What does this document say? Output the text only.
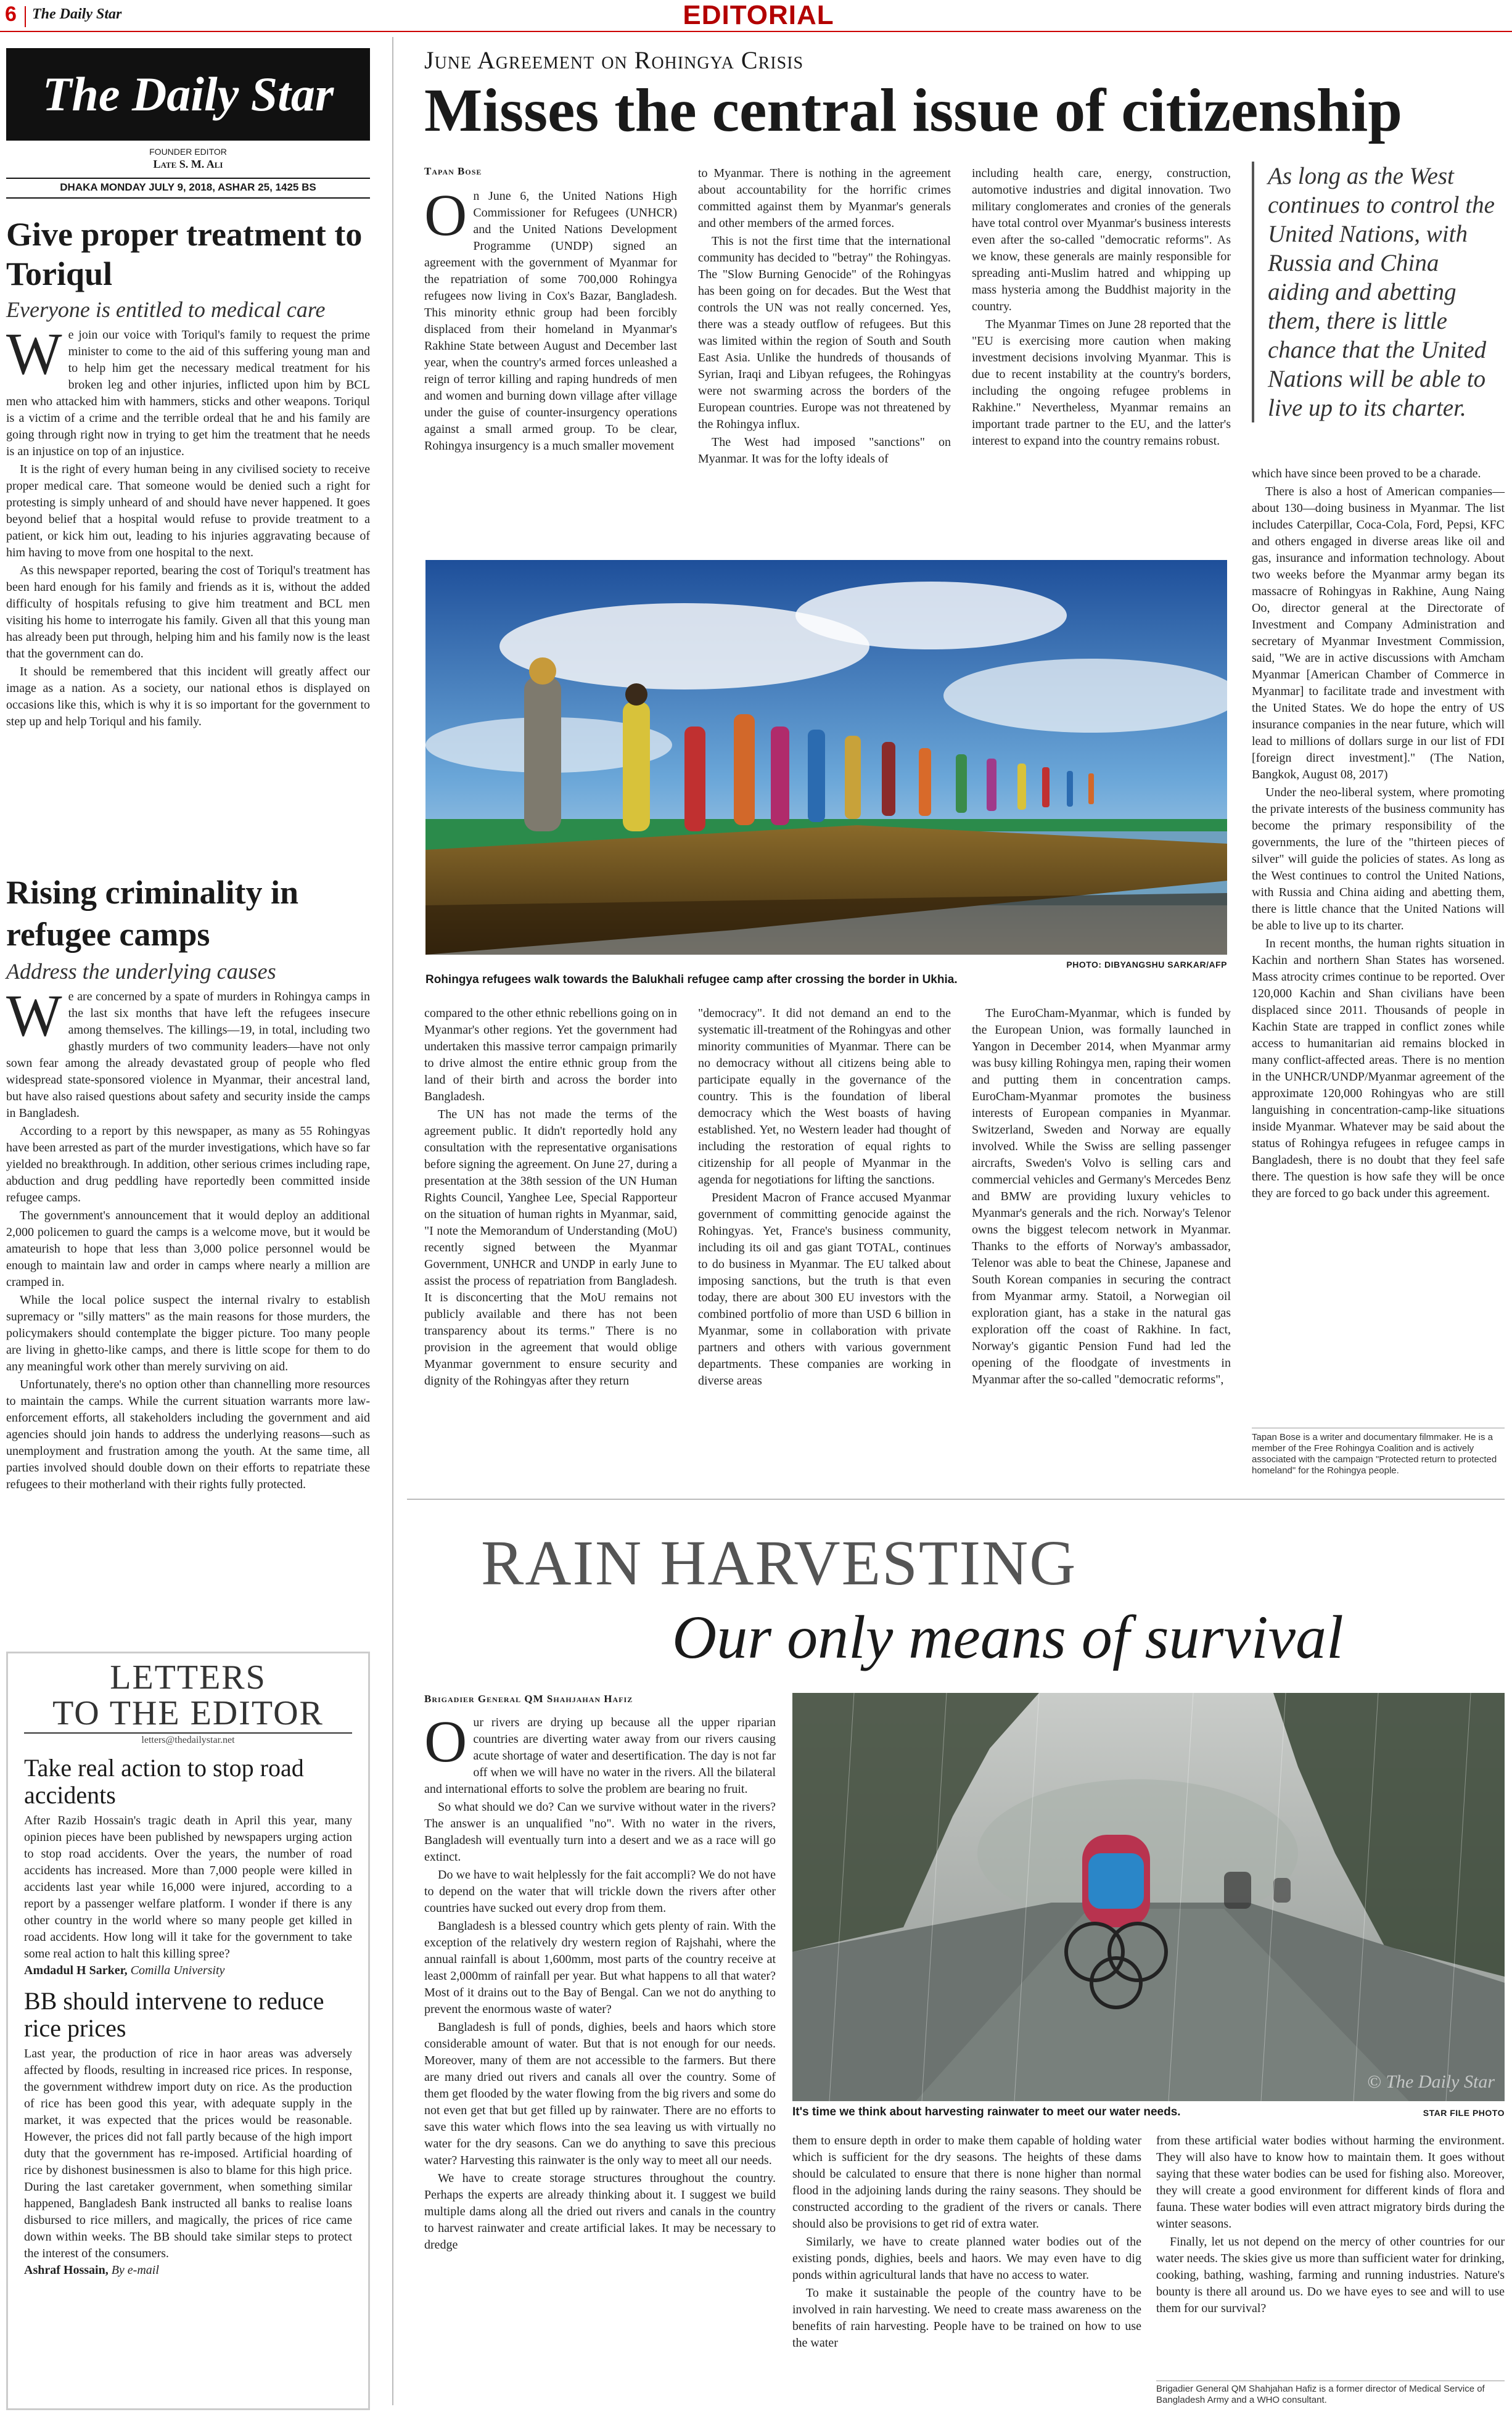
6 The Daily Star	EDITORIAL
The Daily Star
FOUNDER EDITOR
Late S. M. Ali
DHAKA MONDAY JULY 9, 2018, ASHAR 25, 1425 BS
Give proper treatment to Toriqul
Everyone is entitled to medical care

We join our voice with Toriqul's family to request the prime minister to come to the aid of this suffering young man and to help him get the necessary medical treatment for his broken leg and other injuries, inflicted upon him by BCL men who attacked him with hammers, sticks and other weapons. Toriqul is a victim of a crime and the terrible ordeal that he and his family are going through right now in trying to get him the treatment that he needs is an injustice on top of an injustice.

It is the right of every human being in any civilised society to receive proper medical care. That someone would be denied such a right for protesting is simply unheard of and should have never happened. It goes beyond belief that a hospital would refuse to provide treatment to a patient, or kick him out, leading to his injuries aggravating because of him having to move from one hospital to the next.

As this newspaper reported, bearing the cost of Toriqul's treatment has been hard enough for his family and friends as it is, without the added difficulty of hospitals refusing to give him treatment and BCL men visiting his home to interrogate his family. Given all that this young man has already been put through, helping him and his family now is the least that the government can do.

It should be remembered that this incident will greatly affect our image as a nation. As a society, our national ethos is displayed on occasions like this, which is why it is so important for the government to step up and help Toriqul and his family.

Rising criminality in refugee camps
Address the underlying causes

We are concerned by a spate of murders in Rohingya camps in the last six months that have left the refugees insecure among themselves. The killings—19, in total, including two ghastly murders of two community leaders—have not only sown fear among the already devastated group of people who fled widespread state-sponsored violence in Myanmar, their ancestral land, but have also raised questions about safety and security inside the camps in Bangladesh.

According to a report by this newspaper, as many as 55 Rohingyas have been arrested as part of the murder investigations, which have so far yielded no breakthrough. In addition, other serious crimes including rape, abduction and drug peddling have reportedly been committed inside refugee camps.

The government's announcement that it would deploy an additional 2,000 policemen to guard the camps is a welcome move, but it would be amateurish to hope that less than 3,000 police personnel would be enough to maintain law and order in camps where nearly a million are cramped in.

While the local police suspect the internal rivalry to establish supremacy or "silly matters" as the main reasons for those murders, the policymakers should contemplate the bigger picture. Too many people are living in ghetto-like camps, and there is little scope for them to do any meaningful work other than merely surviving on aid.

Unfortunately, there's no option other than channelling more resources to maintain the camps. While the current situation warrants more law-enforcement efforts, all stakeholders including the government and aid agencies should join hands to address the underlying reasons—such as unemployment and frustration among the youth. At the same time, all parties involved should double down on their efforts to repatriate these refugees to their motherland with their rights fully protected.

LETTERS
TO THE EDITOR
letters@thedailystar.net
Take real action to stop road accidents
After Razib Hossain's tragic death in April this year, many opinion pieces have been published by newspapers urging action to stop road accidents. Over the years, the number of road accidents has increased. More than 7,000 people were killed in accidents last year while 16,000 were injured, according to a report by a passenger welfare platform. I wonder if there is any other country in the world where so many people get killed in road accidents. How long will it take for the government to take some real action to halt this killing spree?
Amdadul H Sarker, Comilla University
BB should intervene to reduce rice prices
Last year, the production of rice in haor areas was adversely affected by floods, resulting in increased rice prices. In response, the government withdrew import duty on rice. As the production of rice has been good this year, with adequate supply in the market, it was expected that the prices would be reasonable. However, the prices did not fall partly because of the high import duty that the government has re-imposed. Artificial hoarding of rice by dishonest businessmen is also to blame for this high price. During the last caretaker government, when something similar happened, Bangladesh Bank instructed all banks to realise loans disbursed to rice millers, and magically, the prices of rice came down within weeks. The BB should take similar steps to protect the interest of the consumers.
Ashraf Hossain, By e-mail
June Agreement on Rohingya Crisis
Misses the central issue of citizenship
Tapan Bose

On June 6, the United Nations High Commissioner for Refugees (UNHCR) and the United Nations Development Programme (UNDP) signed an agreement with the government of Myanmar for the repatriation of some 700,000 Rohingya refugees now living in Cox's Bazar, Bangladesh. This minority ethnic group had been forcibly displaced from their homeland in Myanmar's Rakhine State between August and December last year, when the country's armed forces unleashed a reign of terror killing and raping hundreds of men and women and burning down village after village under the guise of counter-insurgency operations against a small armed group. To be clear, Rohingya insurgency is a much smaller movement

to Myanmar. There is nothing in the agreement about accountability for the horrific crimes committed against them by Myanmar's generals and other members of the armed forces.

This is not the first time that the international community has decided to "betray" the Rohingyas. The "Slow Burning Genocide" of the Rohingyas has been going on for decades. But the West that controls the UN was not really concerned. Yes, there was a steady outflow of refugees. But this was limited within the region of South and South East Asia. Unlike the hundreds of thousands of Syrian, Iraqi and Libyan refugees, the Rohingyas were not swarming across the borders of the European countries. Europe was not threatened by the Rohingya influx.

The West had imposed "sanctions" on Myanmar. It was for the lofty ideals of

including health care, energy, construction, automotive industries and digital innovation. Two military conglomerates and cronies of the generals have total control over Myanmar's business interests even after the so-called "democratic reforms". As we know, these generals are mainly responsible for spreading anti-Muslim hatred and whipping up mass hysteria among the Buddhist majority in the country.

The Myanmar Times on June 28 reported that the "EU is exercising more caution when making investment decisions involving Myanmar. This is due to recent instability at the country's borders, including the ongoing refugee problems in Rakhine." Nevertheless, Myanmar remains an important trade partner to the EU, and the latter's interest to expand into the country remains robust.

As long as the West continues to control the United Nations, with Russia and China aiding and abetting them, there is little chance that the United Nations will be able to live up to its charter.

which have since been proved to be a charade.

There is also a host of American companies—about 130—doing business in Myanmar. The list includes Caterpillar, Coca-Cola, Ford, Pepsi, KFC and others engaged in diverse areas like oil and gas, insurance and information technology. About two weeks before the Myanmar army began its massacre of Rohingyas in Rakhine, Aung Naing Oo, director general at the Directorate of Investment and Company Administration and secretary of Myanmar Investment Commission, said, "We are in active discussions with Amcham Myanmar [American Chamber of Commerce in Myanmar] to facilitate trade and investment with the United States. We do hope the entry of US insurance companies in the near future, which will lead to millions of dollars surge in our list of FDI [foreign direct investment]." (The Nation, Bangkok, August 08, 2017)

Under the neo-liberal system, where promoting the private interests of the business community has become the primary responsibility of the governments, the lure of the "thirteen pieces of silver" will guide the policies of states. As long as the West continues to control the United Nations, with Russia and China aiding and abetting them, there is little chance that the United Nations will be able to live up to its charter.

In recent months, the human rights situation in Kachin and northern Shan States has worsened. Mass atrocity crimes continue to be reported. Over 120,000 Kachin and Shan civilians have been displaced since 2011. Thousands of people in Kachin State are trapped in conflict zones while access to humanitarian aid remains blocked in many conflict-affected areas. There is no mention in the UNHCR/UNDP/Myanmar agreement of the approximate 120,000 Rohingyas who are still languishing in concentration-camp-like situations inside Myanmar. Whatever may be said about the status of Rohingya refugees in refugee camps in Bangladesh, there is no doubt that they feel safe there. The question is how safe they will be once they are forced to go back under this agreement.

Tapan Bose is a writer and documentary filmmaker. He is a member of the Free Rohingya Coalition and is actively associated with the campaign "Protected return to protected homeland" for the Rohingya people.
PHOTO: DIBYANGSHU SARKAR/AFP
Rohingya refugees walk towards the Balukhali refugee camp after crossing the border in Ukhia.

compared to the other ethnic rebellions going on in Myanmar's other regions. Yet the government had undertaken this massive terror campaign primarily to drive almost the entire ethnic group from the land of their birth and across the border into Bangladesh.

The UN has not made the terms of the agreement public. It didn't reportedly hold any consultation with the representative organisations before signing the agreement. On June 27, during a presentation at the 38th session of the UN Human Rights Council, Yanghee Lee, Special Rapporteur on the situation of human rights in Myanmar, said, "I note the Memorandum of Understanding (MoU) recently signed between the Myanmar Government, UNHCR and UNDP in early June to assist the process of repatriation from Bangladesh. It is disconcerting that the MoU remains not publicly available and there has not been transparency about its terms." There is no provision in the agreement that would oblige Myanmar government to ensure security and dignity of the Rohingyas after they return

"democracy". It did not demand an end to the systematic ill-treatment of the Rohingyas and other minority communities of Myanmar. There can be no democracy without all citizens being able to participate equally in the governance of the country. This is the foundation of liberal democracy which the West boasts of having established. Yet, no Western leader had thought of including the restoration of equal rights to citizenship for all people of Myanmar in the agenda for negotiations for lifting the sanctions.

President Macron of France accused Myanmar government of committing genocide against the Rohingyas. Yet, France's business community, including its oil and gas giant TOTAL, continues to do business in Myanmar. The EU talked about imposing sanctions, but the truth is that even today, there are about 300 EU investors with the combined portfolio of more than USD 6 billion in Myanmar, some in collaboration with private partners and others with various government departments. These companies are working in diverse areas

The EuroCham-Myanmar, which is funded by the European Union, was formally launched in Yangon in December 2014, when Myanmar army was busy killing Rohingya men, raping their women and putting them in concentration camps. EuroCham-Myanmar promotes the business interests of European companies in Myanmar. Switzerland, Sweden and Norway are equally involved. While the Swiss are selling passenger aircrafts, Sweden's Volvo is selling cars and commercial vehicles and Germany's Mercedes Benz and BMW are providing luxury vehicles to Myanmar's generals and the rich. Norway's Telenor owns the biggest telecom network in Myanmar. Thanks to the efforts of Norway's ambassador, Telenor was able to beat the Chinese, Japanese and South Korean companies in securing the contract from Myanmar army. Statoil, a Norwegian oil exploration giant, has a stake in the natural gas exploration off the coast of Rakhine. In fact, Norway's gigantic Pension Fund had led the opening of the floodgate of investments in Myanmar after the so-called "democratic reforms",

RAIN HARVESTING
Our only means of survival
Brigadier General QM Shahjahan Hafiz

Our rivers are drying up because all the upper riparian countries are diverting water away from our rivers causing acute shortage of water and desertification. The day is not far off when we will have no water in the rivers. All the bilateral and international efforts to solve the problem are bearing no fruit.

So what should we do? Can we survive without water in the rivers? The answer is an unqualified "no". With no water in the rivers, Bangladesh will eventually turn into a desert and we as a race will go extinct.

Do we have to wait helplessly for the fait accompli? We do not have to depend on the water that will trickle down the rivers after other countries have sucked out every drop from them.

Bangladesh is a blessed country which gets plenty of rain. With the exception of the relatively dry western region of Rajshahi, where the annual rainfall is about 1,600mm, most parts of the country receive at least 2,000mm of rainfall per year. But what happens to all that water? Most of it drains out to the Bay of Bengal. Can we not do anything to prevent the enormous waste of water?

Bangladesh is full of ponds, dighies, beels and haors which store considerable amount of water. But that is not enough for our needs. Moreover, many of them are not accessible to the farmers. But there are many dried out rivers and canals all over the country. Some of them get flooded by the water flowing from the big rivers and some do not even get that but get filled up by rainwater. There are no efforts to save this water which flows into the sea leaving us with virtually no water for the dry seasons. Can we do anything to save this precious water? Harvesting this rainwater is the only way to meet all our needs.

We have to create storage structures throughout the country. Perhaps the experts are already thinking about it. I suggest we build multiple dams along all the dried out rivers and canals in the country to harvest rainwater and create artificial lakes. It may be necessary to dredge

© The Daily Star
It's time we think about harvesting rainwater to meet our water needs.	STAR FILE PHOTO

them to ensure depth in order to make them capable of holding water which is sufficient for the dry seasons. The heights of these dams should be calculated to ensure that there is none higher than normal flood in the adjoining lands during the rainy seasons. They should be constructed according to the gradient of the rivers or canals. There should also be provisions to get rid of extra water.

Similarly, we have to create planned water bodies out of the existing ponds, dighies, beels and haors. We may even have to dig ponds within agricultural lands that have no access to water.

To make it sustainable the people of the country have to be involved in rain harvesting. We need to create mass awareness on the benefits of rain harvesting. People have to be trained on how to use the water

from these artificial water bodies without harming the environment. They will also have to know how to maintain them. It goes without saying that these water bodies can be used for fishing also. Moreover, they will create a good environment for different kinds of flora and fauna. These water bodies will even attract migratory birds during the winter seasons.

Finally, let us not depend on the mercy of other countries for our water needs. The skies give us more than sufficient water for drinking, cooking, bathing, washing, farming and running industries. Nature's bounty is there all around us. Do we have eyes to see and will to use them for our survival?

Brigadier General QM Shahjahan Hafiz is a former director of Medical Service of Bangladesh Army and a WHO consultant.
